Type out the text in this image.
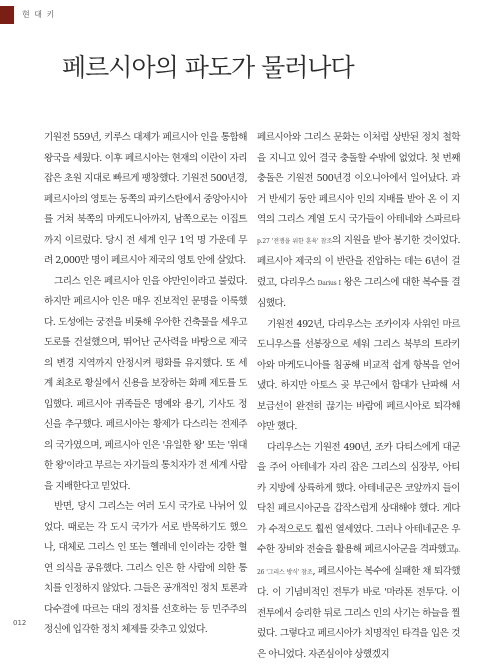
현 대 키
페르시아의 파도가 물러나다

기원전 559년, 키루스 대제가 페르시아 인을 통합해 왕국을 세웠다. 이후 페르시아는 현재의 이란이 자리 잡은 초원 지대로 빠르게 팽창했다. 기원전 500년경, 페르시아의 영토는 동쪽의 파키스탄에서 중앙아시아를 거쳐 북쪽의 마케도니아까지, 남쪽으로는 이집트까지 이르렀다. 당시 전 세계 인구 1억 명 가운데 무려 2,000만 명이 페르시아 제국의 영토 안에 살았다.

그리스 인은 페르시아 인을 야만인이라고 불렀다. 하지만 페르시아 인은 매우 진보적인 문명을 이룩했다. 도성에는 궁전을 비롯해 우아한 건축물을 세우고 도로를 건설했으며, 뛰어난 군사력을 바탕으로 제국의 변경 지역까지 안정시켜 평화를 유지했다. 또 세계 최초로 황실에서 신용을 보장하는 화폐 제도를 도입했다. 페르시아 귀족들은 명예와 용기, 기사도 정신을 추구했다. 페르시아는 황제가 다스리는 전제주의 국가였으며, 페르시아 인은 '유일한 왕' 또는 '위대한 왕'이라고 부르는 자기들의 통치자가 전 세계 사람을 지배한다고 믿었다.

반면, 당시 그리스는 여러 도시 국가로 나뉘어 있었다. 때로는 각 도시 국가가 서로 반목하기도 했으나, 대체로 그리스 인 또는 헬레네 인이라는 강한 혈연 의식을 공유했다. 그리스 인은 한 사람에 의한 통치를 인정하지 않았다. 그들은 공개적인 정치 토론과 다수결에 따르는 대의 정치를 선호하는 등 민주주의 정신에 입각한 정치 체제를 갖추고 있었다.

페르시아와 그리스 문화는 이처럼 상반된 정치 철학을 지니고 있어 결국 충돌할 수밖에 없었다. 첫 번째 충돌은 기원전 500년경 이오니아에서 일어났다. 과거 반세기 동안 페르시아 인의 지배를 받아 온 이 지역의 그리스 계열 도시 국가들이 아테네와 스파르타p.27 '전쟁을 위한 훈육' 참조의 지원을 받아 봉기한 것이었다. 페르시아 제국의 이 반란을 진압하는 데는 6년이 걸렸고, 다리우스 Darius I 왕은 그리스에 대한 복수를 결심했다.

기원전 492년, 다리우스는 조카이자 사위인 마르도니우스를 선봉장으로 세워 그리스 북부의 트라키아와 마케도니아를 침공해 비교적 쉽게 항복을 얻어 냈다. 하지만 아토스 곶 부근에서 함대가 난파해 서 보급선이 완전히 끊기는 바람에 페르시아로 퇴각해야만 했다.

다리우스는 기원전 490년, 조카 다티스에게 대군을 주어 아테네가 자리 잡은 그리스의 심장부, 아티카 지방에 상륙하게 했다. 아테네군은 코앞까지 들이닥친 페르시아군을 갑작스럽게 상대해야 했다. 게다가 수적으로도 훨씬 열세였다. 그러나 아테네군은 우수한 장비와 전술을 활용해 페르시아군을 격파했고p.26 '그리스 방식' 참조, 페르시아는 복수에 실패한 채 퇴각했다. 이 기념비적인 전투가 바로 '마라톤 전투'다. 이 전투에서 승리한 뒤로 그리스 인의 사기는 하늘을 찔렀다. 그렇다고 페르시아가 치명적인 타격을 입은 것은 아니었다. 자존심이야 상했겠지

012
